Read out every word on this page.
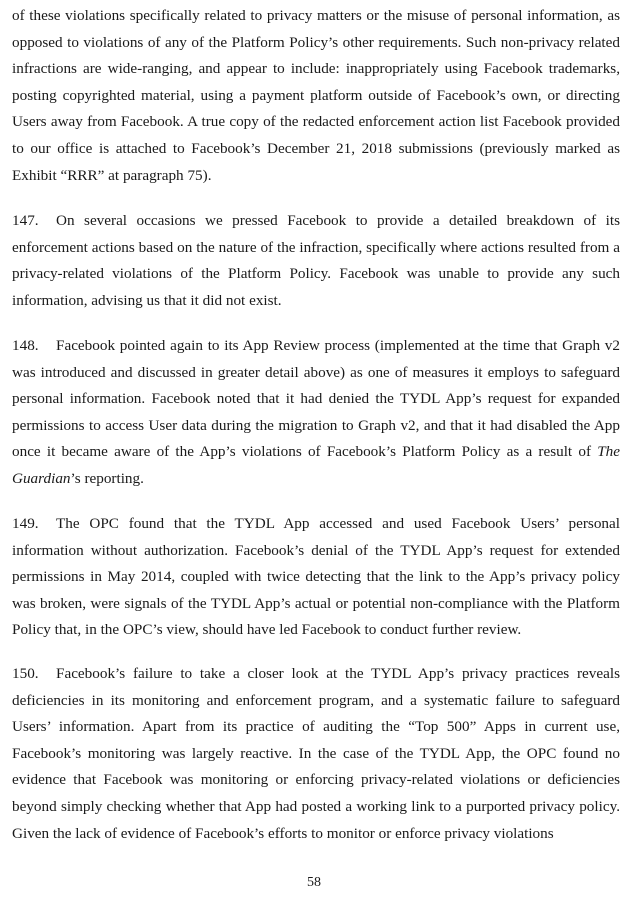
of these violations specifically related to privacy matters or the misuse of personal information, as opposed to violations of any of the Platform Policy’s other requirements. Such non-privacy related infractions are wide-ranging, and appear to include: inappropriately using Facebook trademarks, posting copyrighted material, using a payment platform outside of Facebook’s own, or directing Users away from Facebook. A true copy of the redacted enforcement action list Facebook provided to our office is attached to Facebook’s December 21, 2018 submissions (previously marked as Exhibit “RRR” at paragraph 75).

147. On several occasions we pressed Facebook to provide a detailed breakdown of its enforcement actions based on the nature of the infraction, specifically where actions resulted from a privacy-related violations of the Platform Policy. Facebook was unable to provide any such information, advising us that it did not exist.

148. Facebook pointed again to its App Review process (implemented at the time that Graph v2 was introduced and discussed in greater detail above) as one of measures it employs to safeguard personal information. Facebook noted that it had denied the TYDL App’s request for expanded permissions to access User data during the migration to Graph v2, and that it had disabled the App once it became aware of the App’s violations of Facebook’s Platform Policy as a result of The Guardian’s reporting.

149. The OPC found that the TYDL App accessed and used Facebook Users’ personal information without authorization. Facebook’s denial of the TYDL App’s request for extended permissions in May 2014, coupled with twice detecting that the link to the App’s privacy policy was broken, were signals of the TYDL App’s actual or potential non-compliance with the Platform Policy that, in the OPC’s view, should have led Facebook to conduct further review.

150. Facebook’s failure to take a closer look at the TYDL App’s privacy practices reveals deficiencies in its monitoring and enforcement program, and a systematic failure to safeguard Users’ information. Apart from its practice of auditing the “Top 500” Apps in current use, Facebook’s monitoring was largely reactive. In the case of the TYDL App, the OPC found no evidence that Facebook was monitoring or enforcing privacy-related violations or deficiencies beyond simply checking whether that App had posted a working link to a purported privacy policy. Given the lack of evidence of Facebook’s efforts to monitor or enforce privacy violations

58
